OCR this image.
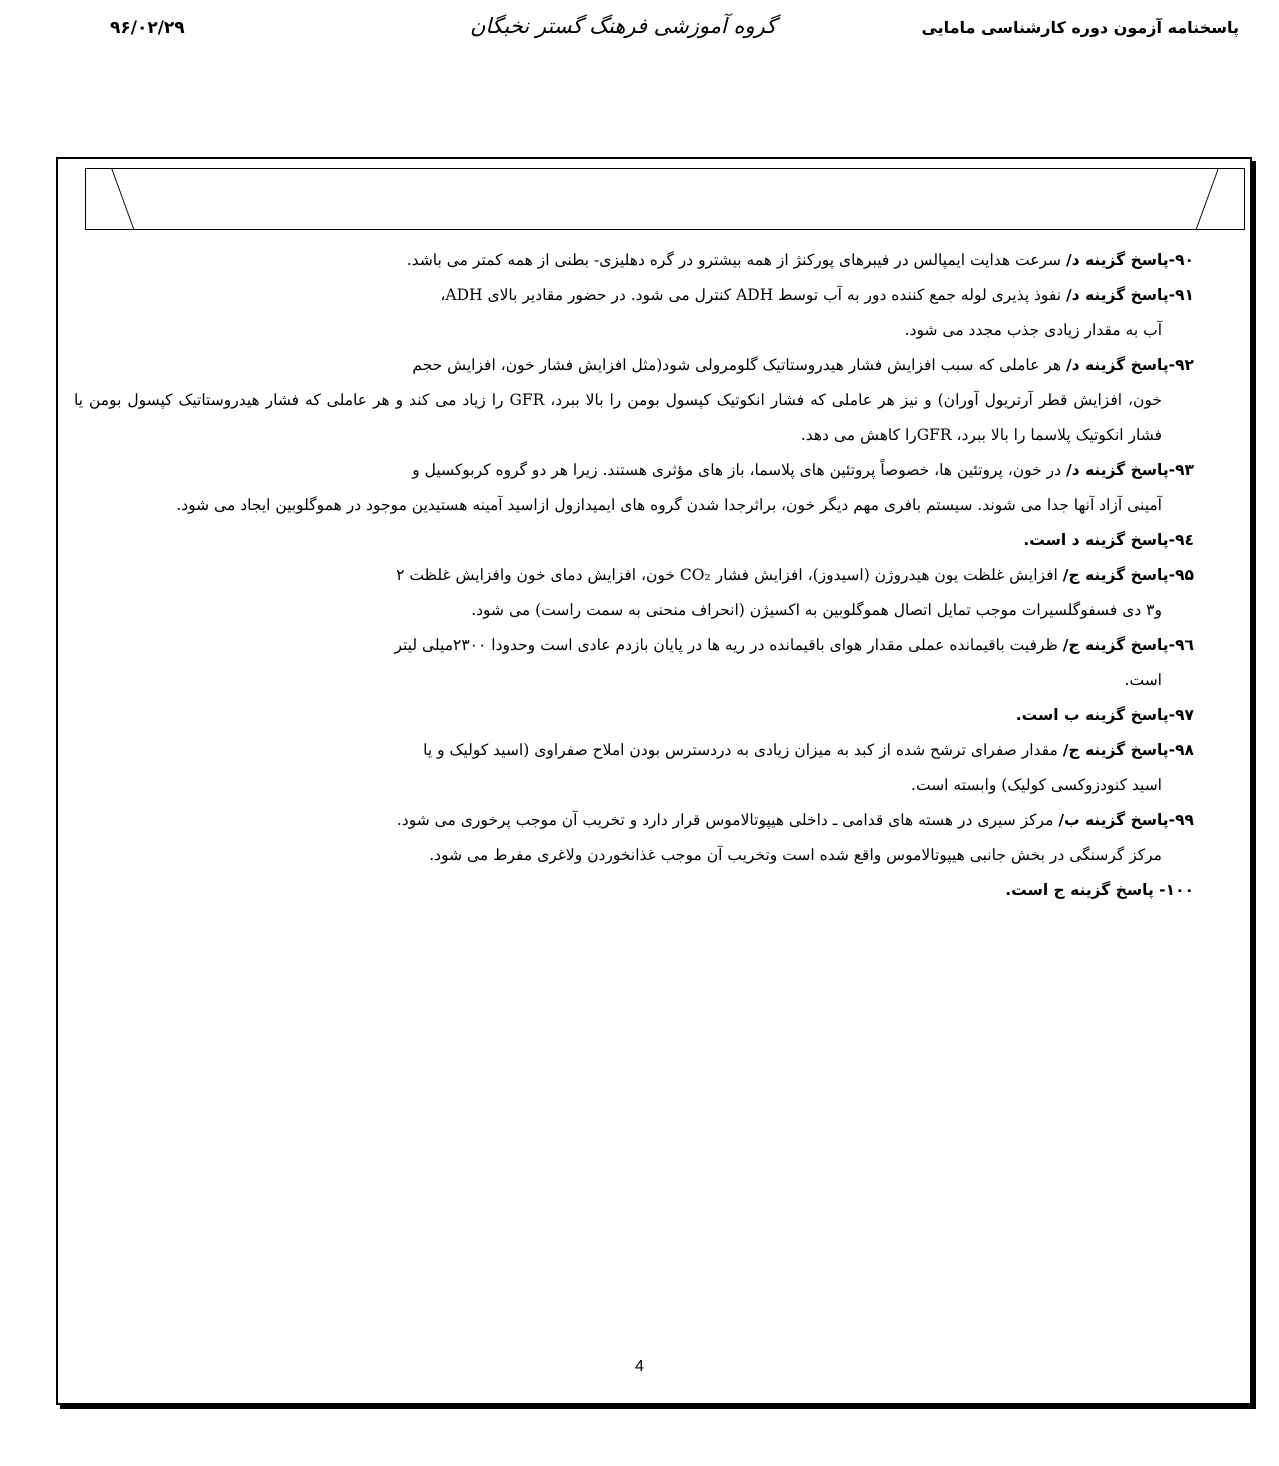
پاسخنامه آزمون دوره کارشناسی مامایی
گروه آموزشی فرهنگ گستر نخبگان
۹۶/۰۲/۲۹

۹۰-پاسخ گزینه د/ سرعت هدایت ایمپالس در فیبرهای پورکنژ از همه بیشترو در گره دهلیزی- بطنی از همه کمتر می باشد.

۹۱-پاسخ گزینه د/ نفوذ پذیری لوله جمع کننده دور به آب توسط ADH کنترل می شود. در حضور مقادیر بالای ADH،
آب به مقدار زیادی جذب مجدد می شود.

۹۲-پاسخ گزینه د/ هر عاملی که سبب افزایش فشار هیدروستاتیک گلومرولی شود(مثل افزایش فشار خون، افزایش حجم
خون، افزایش قطر آرتریول آوران) و نیز هر عاملی که فشار انکوتیک کپسول بومن را بالا ببرد، GFR را زیاد می کند و هر عاملی که فشار هیدروستاتیک کپسول بومن یا فشار انکوتیک پلاسما را بالا ببرد، GFRرا کاهش می دهد.

۹۳-پاسخ گزینه د/ در خون، پروتئین ها، خصوصاً پروتئین های پلاسما، باز های مؤثری هستند. زیرا هر دو گروه کربوکسیل و
آمینی آزاد آنها جدا می شوند. سیستم بافری مهم دیگر خون، براثرجدا شدن گروه های ایمیدازول ازاسید آمینه هستیدین موجود در هموگلوبین ایجاد می شود.

۹٤-پاسخ گزینه د است.

۹۵-پاسخ گزینه ج/ افزایش غلظت یون هیدروژن (اسیدوز)، افزایش فشار CO₂ خون، افزایش دمای خون وافزایش غلظت ۲
و۳ دی فسفوگلسیرات موجب تمایل اتصال هموگلوبین به اکسیژن (انحراف منحنی به سمت راست) می شود.

۹٦-پاسخ گزینه ج/ ظرفیت باقیمانده عملی مقدار هوای باقیمانده در ریه ها در پایان بازدم عادی است وحدودا ۲۳۰۰میلی لیتر
است.

۹۷-پاسخ گزینه ب است.

۹۸-پاسخ گزینه ج/ مقدار صفرای ترشح شده از کبد به میزان زیادی به دردسترس بودن املاح صفراوی (اسید کولیک و یا
اسید کنودزوکسی کولیک) وابسته است.

۹۹-پاسخ گزینه ب/ مرکز سیری در هسته های قدامی ـ داخلی هیپوتالاموس قرار دارد و تخریب آن موجب پرخوری می شود.
مرکز گرسنگی در بخش جانبی هیپوتالاموس واقع شده است وتخریب آن موجب غذانخوردن ولاغری مفرط می شود.

۱۰۰- پاسخ گزینه ج است.

4
